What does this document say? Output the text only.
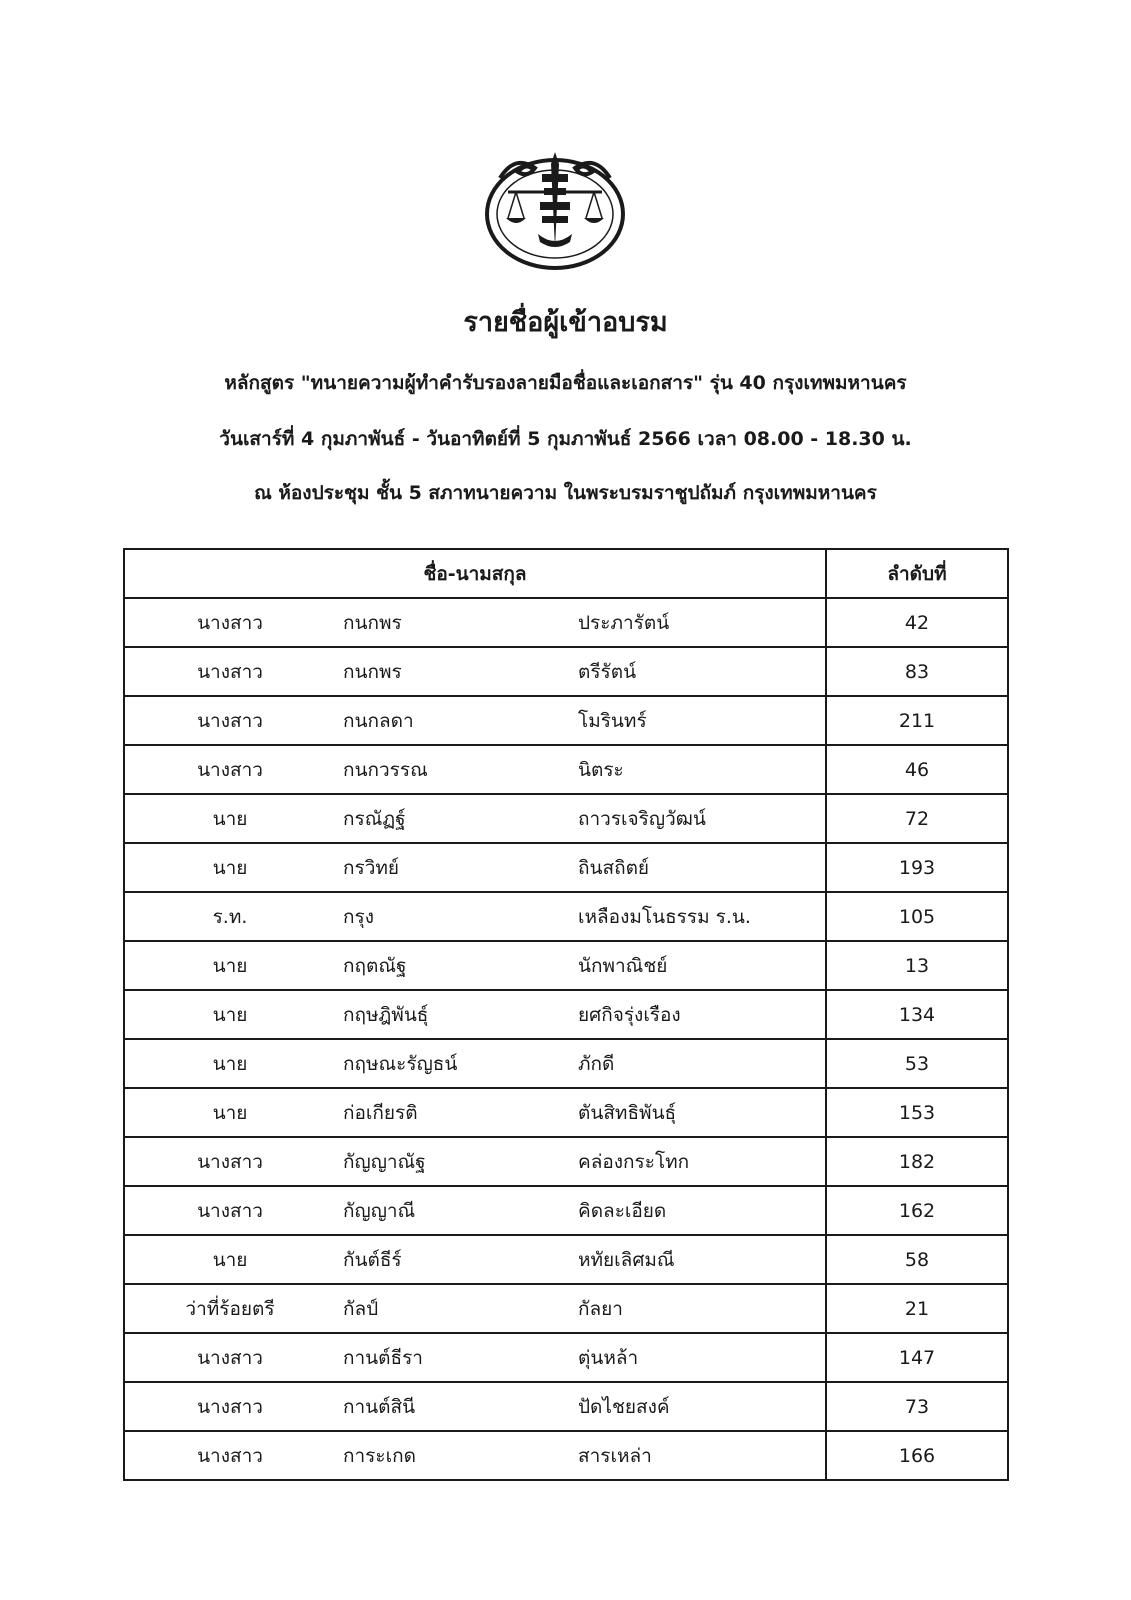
รายชื่อผู้เข้าอบรม
หลักสูตร "ทนายความผู้ทำคำรับรองลายมือชื่อและเอกสาร" รุ่น 40 กรุงเทพมหานคร
วันเสาร์ที่ 4 กุมภาพันธ์ - วันอาทิตย์ที่ 5 กุมภาพันธ์ 2566 เวลา 08.00 - 18.30 น.
ณ ห้องประชุม ชั้น 5 สภาทนายความ ในพระบรมราชูปถัมภ์ กรุงเทพมหานคร
ชื่อ-นามสกุล	ลำดับที่

นางสาว กนกพร ประภารัตน์	42

นางสาว กนกพร ตรีรัตน์	83

นางสาว กนกลดา โมรินทร์	211

นางสาว กนกวรรณ นิตระ	46

นาย กรณัฏฐ์ ถาวรเจริญวัฒน์	72

นาย กรวิทย์ ถินสถิตย์	193

ร.ท. กรุง เหลืองมโนธรรม ร.น.	105

นาย กฤตณัฐ นักพาณิชย์	13

นาย กฤษฎิพันธุ์ ยศกิจรุ่งเรือง	134

นาย กฤษณะรัญธน์ ภักดี	53

นาย ก่อเกียรติ ตันสิทธิพันธุ์	153

นางสาว กัญญาณัฐ คล่องกระโทก	182

นางสาว กัญญาณี คิดละเอียด	162

นาย กันต์ธีร์ หทัยเลิศมณี	58

ว่าที่ร้อยตรี กัลป์ กัลยา	21

นางสาว กานต์ธีรา ตุ่นหล้า	147

นางสาว กานต์สินี ปัดไชยสงค์	73

นางสาว การะเกด สารเหล่า	166
